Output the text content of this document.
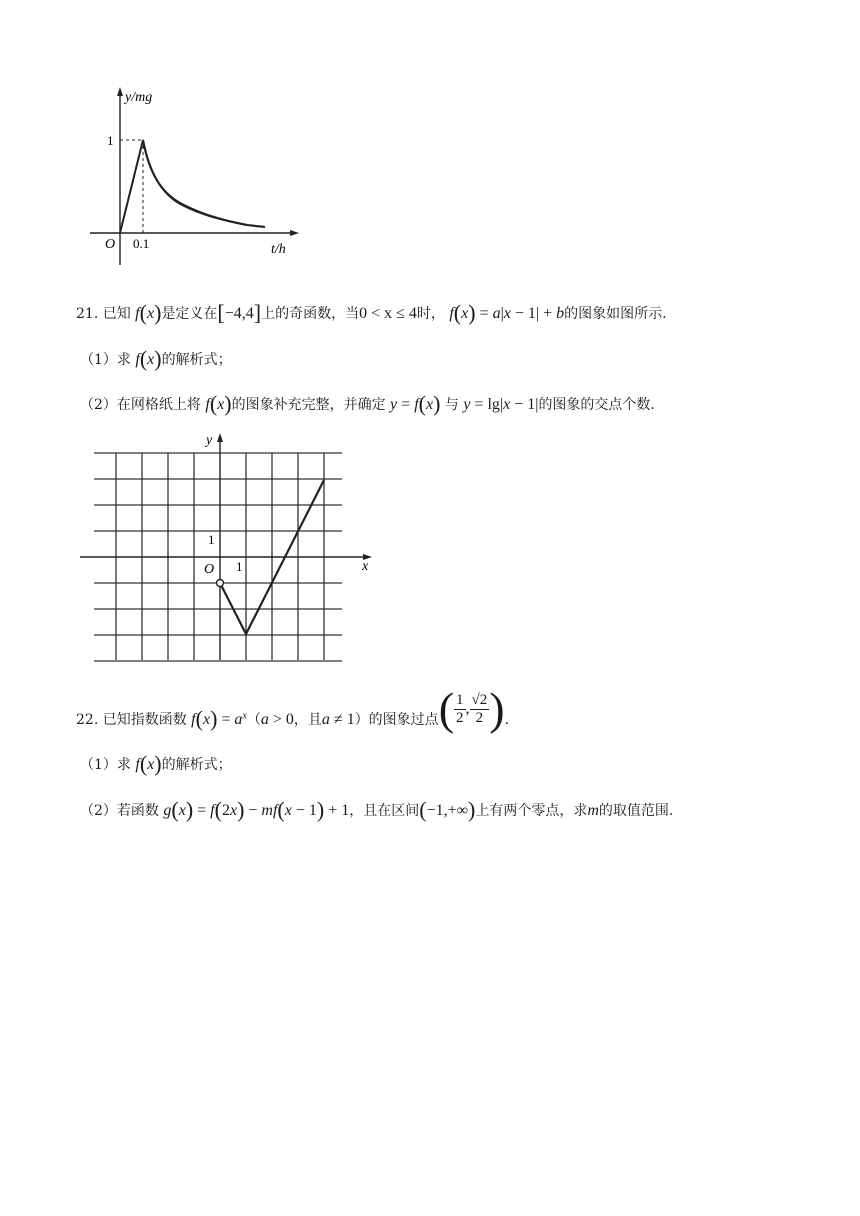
y/mg
1
O 0.1	t/h
21. 已知 f(x)是定义在[−4,4]上的奇函数，当0 < x ≤ 4时， f(x) = a|x − 1| + b的图象如图所示.
（1）求 f(x)的解析式；
（2）在网格纸上将 f(x)的图象补充完整，并确定 y = f(x) 与 y = lg|x − 1|的图象的交点个数.
y
1
O 1	x
22. 已知指数函数 $f(x) = a^x(a > 0$，且a ≠ 1）的图象过点 ( $\frac{1}{2}$ , $\frac{√2}{2}$ ) .
（1）求 f(x)的解析式；
（2）若函数 g(x) = f(2x) − mf(x − 1) + 1，且在区间(−1,+∞)上有两个零点，求m的取值范围.
